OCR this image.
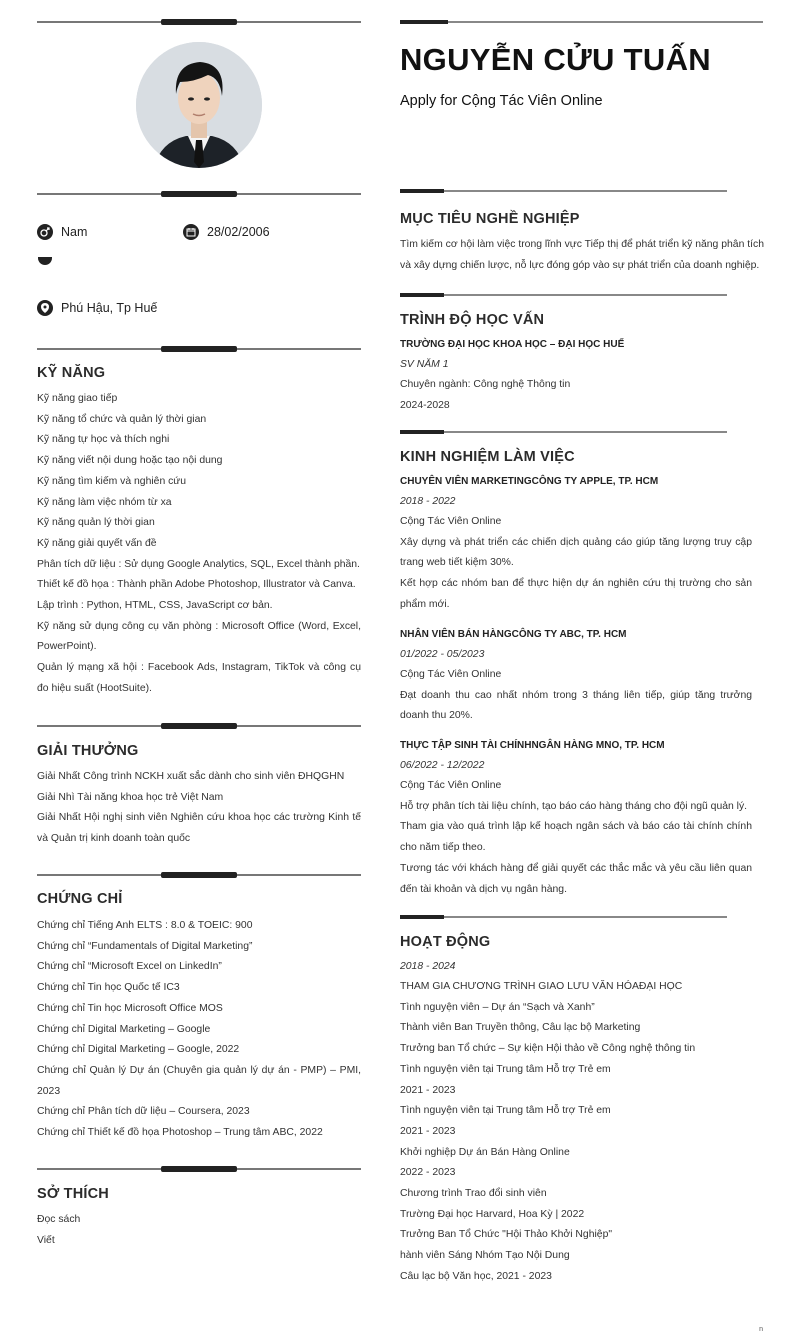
Nam	28/02/2006
Phú Hậu, Tp Huế
KỸ NĂNG
Kỹ năng giao tiếp
Kỹ năng tổ chức và quản lý thời gian
Kỹ năng tự học và thích nghi
Kỹ năng viết nội dung hoặc tạo nội dung
Kỹ năng tìm kiếm và nghiên cứu
Kỹ năng làm việc nhóm từ xa
Kỹ năng quản lý thời gian
Kỹ năng giải quyết vấn đề
Phân tích dữ liệu : Sử dụng Google Analytics, SQL, Excel thành phần.
Thiết kế đồ họa : Thành phần Adobe Photoshop, Illustrator và Canva.
Lập trình : Python, HTML, CSS, JavaScript cơ bản.
Kỹ năng sử dụng công cụ văn phòng : Microsoft Office (Word, Excel, PowerPoint).
Quản lý mạng xã hội : Facebook Ads, Instagram, TikTok và công cụ đo hiệu suất (HootSuite).
GIẢI THƯỞNG
Giải Nhất Công trình NCKH xuất sắc dành cho sinh viên ĐHQGHN
Giải Nhì Tài năng khoa học trẻ Việt Nam
Giải Nhất Hội nghị sinh viên Nghiên cứu khoa học các trường Kinh tế và Quản trị kinh doanh toàn quốc
CHỨNG CHỈ
Chứng chỉ Tiếng Anh ELTS : 8.0 & TOEIC: 900
Chứng chỉ “Fundamentals of Digital Marketing”
Chứng chỉ “Microsoft Excel on LinkedIn”
Chứng chỉ Tin học Quốc tế IC3
Chứng chỉ Tin học Microsoft Office MOS
Chứng chỉ Digital Marketing – Google
Chứng chỉ Digital Marketing – Google, 2022
Chứng chỉ Quản lý Dự án (Chuyên gia quản lý dự án - PMP) – PMI, 2023
Chứng chỉ Phân tích dữ liệu – Coursera, 2023
Chứng chỉ Thiết kế đồ họa Photoshop – Trung tâm ABC, 2022
SỞ THÍCH
Đọc sách
Viết
NGUYỄN CỬU TUẤN
Apply for Cộng Tác Viên Online
MỤC TIÊU NGHỀ NGHIỆP
Tìm kiếm cơ hội làm việc trong lĩnh vực Tiếp thị để phát triển kỹ năng phân tích và xây dựng chiến lược, nỗ lực đóng góp vào sự phát triển của doanh nghiệp.
TRÌNH ĐỘ HỌC VẤN
TRƯỜNG ĐẠI HỌC KHOA HỌC – ĐẠI HỌC HUẾ
SV NĂM 1
Chuyên ngành: Công nghệ Thông tin
2024-2028
KINH NGHIỆM LÀM VIỆC
CHUYÊN VIÊN MARKETINGCÔNG TY APPLE, TP. HCM
2018 - 2022
Cộng Tác Viên Online
Xây dựng và phát triển các chiến dịch quảng cáo giúp tăng lượng truy cập trang web tiết kiệm 30%.
Kết hợp các nhóm ban để thực hiện dự án nghiên cứu thị trường cho sản phẩm mới.
NHÂN VIÊN BÁN HÀNGCÔNG TY ABC, TP. HCM
01/2022 - 05/2023
Cộng Tác Viên Online
Đạt doanh thu cao nhất nhóm trong 3 tháng liên tiếp, giúp tăng trưởng doanh thu 20%.
THỰC TẬP SINH TÀI CHÍNHNGÂN HÀNG MNO, TP. HCM
06/2022 - 12/2022
Cộng Tác Viên Online
Hỗ trợ phân tích tài liệu chính, tạo báo cáo hàng tháng cho đội ngũ quản lý.
Tham gia vào quá trình lập kế hoạch ngân sách và báo cáo tài chính chính cho năm tiếp theo.
Tương tác với khách hàng để giải quyết các thắc mắc và yêu cầu liên quan đến tài khoản và dịch vụ ngân hàng.
HOẠT ĐỘNG
2018 - 2024
THAM GIA CHƯƠNG TRÌNH GIAO LƯU VĂN HÓAĐẠI HỌC
Tình nguyện viên – Dự án “Sạch và Xanh”
Thành viên Ban Truyền thông, Câu lạc bộ Marketing
Trưởng ban Tổ chức – Sự kiện Hội thảo về Công nghệ thông tin
Tình nguyện viên tại Trung tâm Hỗ trợ Trẻ em
2021 - 2023
Tình nguyện viên tại Trung tâm Hỗ trợ Trẻ em
2021 - 2023
Khởi nghiệp Dự án Bán Hàng Online
2022 - 2023
Chương trình Trao đổi sinh viên
Trường Đại học Harvard, Hoa Kỳ | 2022
Trưởng Ban Tổ Chức "Hội Thảo Khởi Nghiệp"
hành viên Sáng Nhóm Tạo Nội Dung
Câu lạc bộ Văn học, 2021 - 2023
n
